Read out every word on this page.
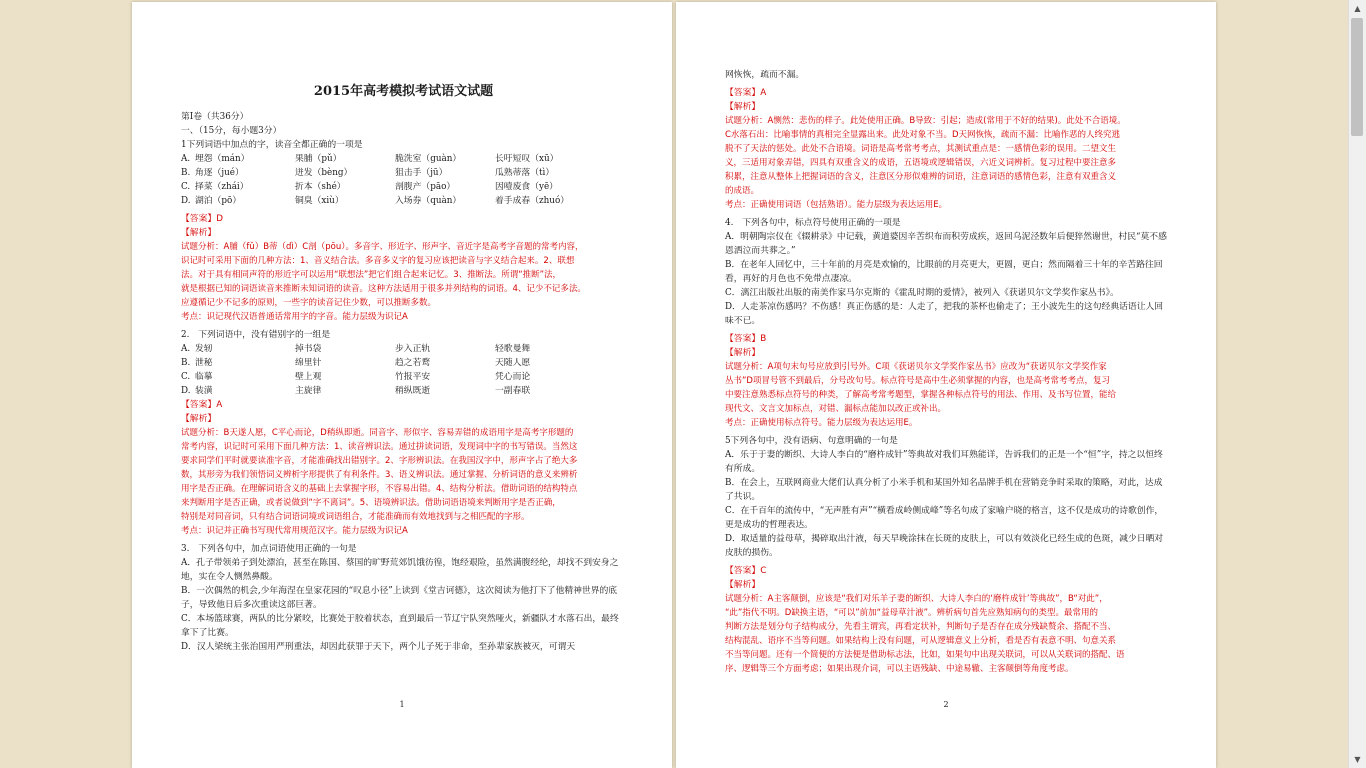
2015年高考模拟考试语文试题
第Ⅰ卷（共36分）
一、（15分，每小题3分）
1下列词语中加点的字，读音全都正确的一项是
A. 埋怨（mán）	果脯（pǔ）	脆洗室（guàn）	长吁短叹（xū）
B. 角逐（jué）	迸发（bèng）	狙击手（jū）	瓜熟蒂落（tì）
C. 择菜（zhái）	折本（shé）	剖腹产（pāo）	因噎废食（yē）
D. 湖泊（pō）	铜臭（xiù）	入场券（quàn）	着手成春（zhuó）
【答案】D
【解析】
试题分析：A脯（fǔ）B蒂（dì）C剖（pōu）。多音字、形近字、形声字、音近字是高考字音题的常考内容，
识记时可采用下面的几种方法：1、音义结合法。多音多义字的复习应该把读音与字义结合起来。2、联想
法。对于具有相同声符的形近字可以运用“联想法”把它们组合起来记忆。3、推断法。所谓“推断”法，
就是根据已知的词语读音来推断未知词语的读音。这种方法适用于很多并列结构的词语。4、记少不记多法。
应遵循记少不记多的原则，一些字的读音记住少数，可以推断多数。
考点：识记现代汉语普通话常用字的字音。能力层级为识记A
2.　下列词语中，没有错别字的一组是
A. 发轫	掉书袋	步入正轨	轻歌曼舞
B. 泄秘	绵里针	趋之若鹜	天随人愿
C. 临摹	壁上观	竹报平安	凭心而论
D. 装潢	主旋律	稍纵既逝	一副春联
【答案】A
【解析】
试题分析：B天遂人愿，C平心而论，D稍纵即逝。同音字、形似字、容易弄错的成语用字是高考字形题的
常考内容，识记时可采用下面几种方法：1、读音辨识法。通过拼读词语，发现词中字的书写错误。当然这
要求同学们平时就要读准字音，才能准确找出错别字。2、字形辨识法。在我国汉字中，形声字占了绝大多
数，其形旁为我们领悟词义辨析字形提供了有利条件。3、语义辨识法。通过掌握、分析词语的意义来辨析
用字是否正确。在理解词语含义的基础上去掌握字形，不容易出错。4、结构分析法。借助词语的结构特点
来判断用字是否正确，或者说做到“字不离词”。5、语境辨识法。借助词语语境来判断用字是否正确，
特别是对同音词，只有结合词语词境或词语组合，才能准确而有效地找到与之相匹配的字形。
考点：识记并正确书写现代常用规范汉字。能力层级为识记A
3.　下列各句中，加点词语使用正确的一句是
A．孔子带领弟子到处漂泊，甚至在陈国、蔡国的旷野荒郊饥饿彷徨，饱经艰险，虽然满腹经纶，却找不到安身之地，实在令人恻然鼻酸。
B．一次偶然的机会,少年海涅在皇家花园的“叹息小径”上读到《堂吉诃德》，这次阅读为他打下了他精神世界的底子，导致他日后多次重读这部巨著。
C．本场篮球赛，两队的比分紧咬，比赛处于胶着状态，直到最后一节辽宁队突然哑火，新疆队才水落石出，最终拿下了比赛。
D．汉人梁统主张治国用严刑重法，却因此获罪于天下，两个儿子死于非命，至孙辈家族被灭，可谓天
1
网恢恢，疏而不漏。
【答案】A
【解析】
试题分析：A恻然：悲伤的样子。此处使用正确。B导致：引起；造成(常用于不好的结果)。此处不合语境。
C水落石出：比喻事情的真相完全显露出来。此处对象不当。D天网恢恢，疏而不漏：比喻作恶的人终究逃
脱不了天法的惩处。此处不合语境。词语是高考常考考点，其测试重点是：一感情色彩的误用。二望文生
义，三适用对象弄错，四具有双重含义的成语，五语境或逻辑错误，六近义词辨析。复习过程中要注意多
积累，注意从整体上把握词语的含义，注意区分形似难辨的词语，注意词语的感情色彩，注意有双重含义
的成语。
考点：正确使用词语（包括熟语）。能力层级为表达运用E。
4.　下列各句中，标点符号使用正确的一项是
A．明朝陶宗仪在《辍耕录》中记载，黄道婆因辛苦织布而积劳成疾，返回乌泥泾数年后便猝然谢世，村民“莫不感恩洒泣而共葬之。”
B．在老年人回忆中，三十年前的月亮是欢愉的，比眼前的月亮更大，更圆，更白；然而隔着三十年的辛苦路往回看，再好的月色也不免带点凄凉。
C．漓江出版社出版的南美作家马尔克斯的《霍乱时期的爱情》，被列入《获诺贝尔文学奖作家丛书》。
D．人走茶凉伤感吗？不伤感！真正伤感的是：人走了，把我的茶杯也偷走了；王小波先生的这句经典话语让人回味不已。
【答案】B
【解析】
试题分析：A项句末句号应放到引号外。C项《获诺贝尔文学奖作家丛书》应改为“获诺贝尔文学奖作家
丛书”D项冒号管不到最后，分号改句号。标点符号是高中生必须掌握的内容，也是高考常考考点，复习
中要注意熟悉标点符号的种类，了解高考常考题型，掌握各种标点符号的用法、作用、及书写位置，能给
现代文、文言文加标点，对错、漏标点能加以改正或补出。
考点：正确使用标点符号。能力层级为表达运用E。
5下列各句中，没有语病、句意明确的一句是
A．乐于于妻的断织、大诗人李白的“磨杵成针”等典故对我们耳熟能详，告诉我们的正是一个“恒”字，持之以恒终有所成。
B．在会上，互联网商业大佬们认真分析了小米手机和某国外知名品牌手机在营销竞争时采取的策略，对此，达成了共识。
C．在千百年的流传中，“无声胜有声”“横看成岭侧成峰”等名句成了家喻户晓的格言，这不仅是成功的诗歌创作，更是成功的哲理表达。
D．取适量的益母草，揭碎取出汁液，每天早晚涂抹在长斑的皮肤上，可以有效淡化已经生成的色斑，减少日晒对皮肤的损伤。
【答案】C
【解析】
试题分析：A主客颠倒，应该是“我们对乐羊子妻的断织、大诗人李白的‘磨杵成针’等典故”，B“对此”，
“此”指代不明。D缺换主语，“可以”前加“益母草汁液”。辨析病句首先应熟知病句的类型。最常用的
判断方法是划分句子结构成分，先看主谓宾，再看定状补，判断句子是否存在成分残缺赘余、搭配不当、
结构混乱、语序不当等问题。如果结构上没有问题，可从逻辑意义上分析，看是否有表意不明、句意关系
不当等问题。还有一个简便的方法便是借助标志法，比如，如果句中出现关联词，可以从关联词的搭配、语
序、逻辑等三个方面考虑；如果出现介词，可以主语残缺、中途易辙、主客颠倒等角度考虑。
2
▲
▼
